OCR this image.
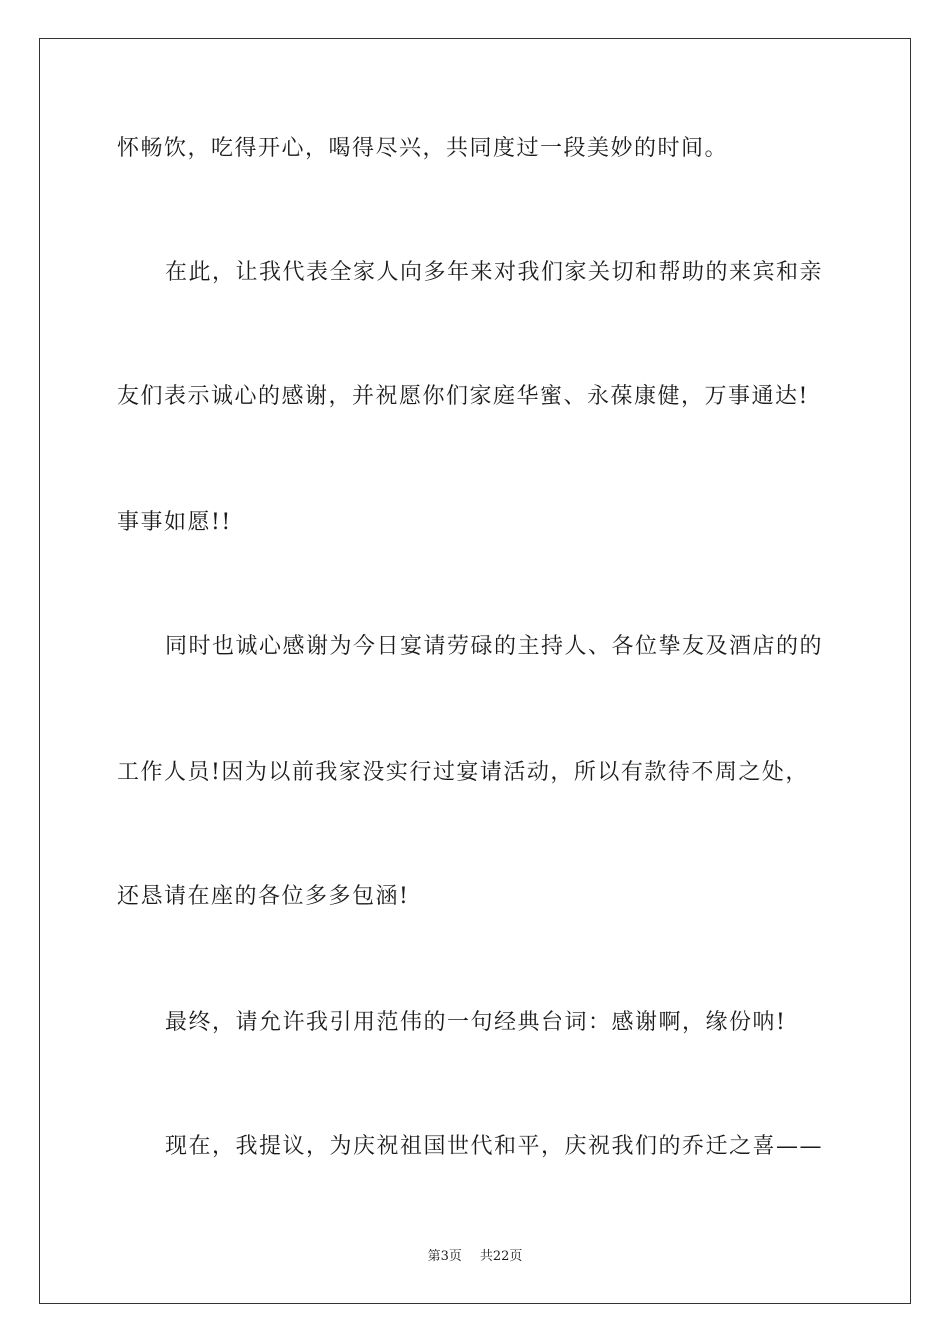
怀畅饮，吃得开心，喝得尽兴，共同度过一段美妙的时间。
在此，让我代表全家人向多年来对我们家关切和帮助的来宾和亲
友们表示诚心的感谢，并祝愿你们家庭华蜜、永葆康健，万事通达!
事事如愿!!
同时也诚心感谢为今日宴请劳碌的主持人、各位挚友及酒店的的
工作人员!因为以前我家没实行过宴请活动，所以有款待不周之处，
还恳请在座的各位多多包涵!
最终，请允许我引用范伟的一句经典台词：感谢啊，缘份呐!
现在，我提议，为庆祝祖国世代和平，庆祝我们的乔迁之喜——
第3页 共22页
